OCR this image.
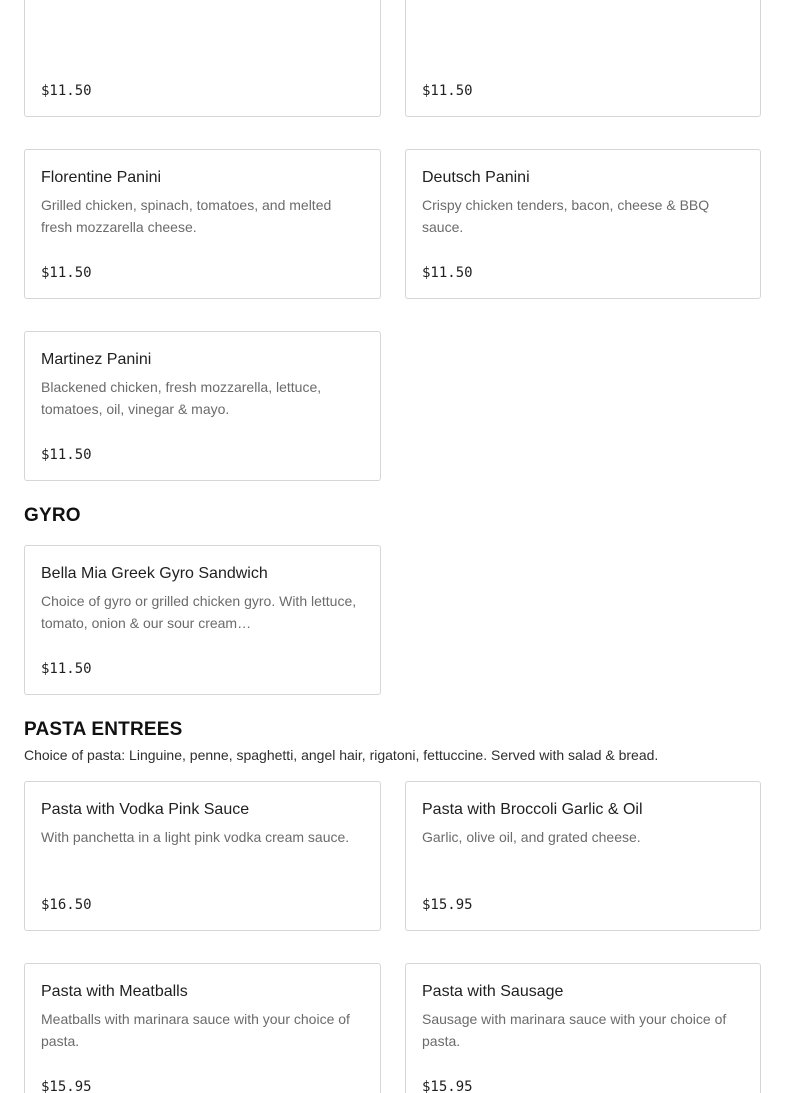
$11.50	$11.50
Florentine Panini
Grilled chicken, spinach, tomatoes, and melted fresh mozzarella cheese.
$11.50
Deutsch Panini
Crispy chicken tenders, bacon, cheese & BBQ sauce.
$11.50
Martinez Panini
Blackened chicken, fresh mozzarella, lettuce, tomatoes, oil, vinegar & mayo.
$11.50
GYRO
Bella Mia Greek Gyro Sandwich
Choice of gyro or grilled chicken gyro. With lettuce, tomato, onion & our sour cream…
$11.50
PASTA ENTREES
Choice of pasta: Linguine, penne, spaghetti, angel hair, rigatoni, fettuccine. Served with salad & bread.
Pasta with Vodka Pink Sauce
With panchetta in a light pink vodka cream sauce.
$16.50
Pasta with Broccoli Garlic & Oil
Garlic, olive oil, and grated cheese.
$15.95
Pasta with Meatballs
Meatballs with marinara sauce with your choice of pasta.
$15.95
Pasta with Sausage
Sausage with marinara sauce with your choice of pasta.
$15.95
